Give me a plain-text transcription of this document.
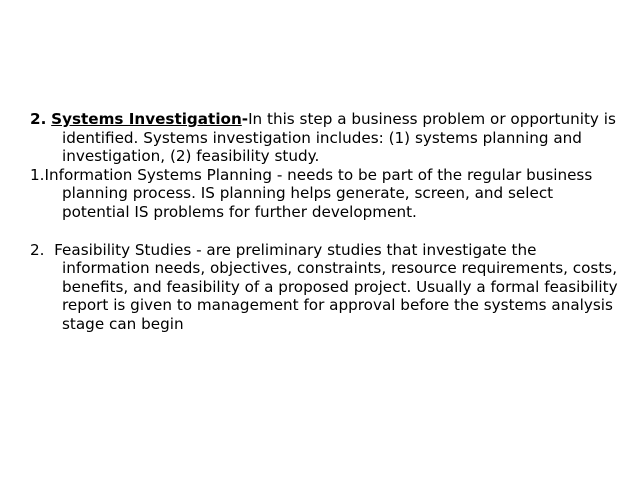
2. Systems Investigation-In this step a business problem or opportunity is identified. Systems investigation includes: (1) systems planning and investigation, (2) feasibility study.

1.Information Systems Planning - needs to be part of the regular business planning process. IS planning helps generate, screen, and select potential IS problems for further development.

2. Feasibility Studies - are preliminary studies that investigate the information needs, objectives, constraints, resource requirements, costs, benefits, and feasibility of a proposed project. Usually a formal feasibility report is given to management for approval before the systems analysis stage can begin
